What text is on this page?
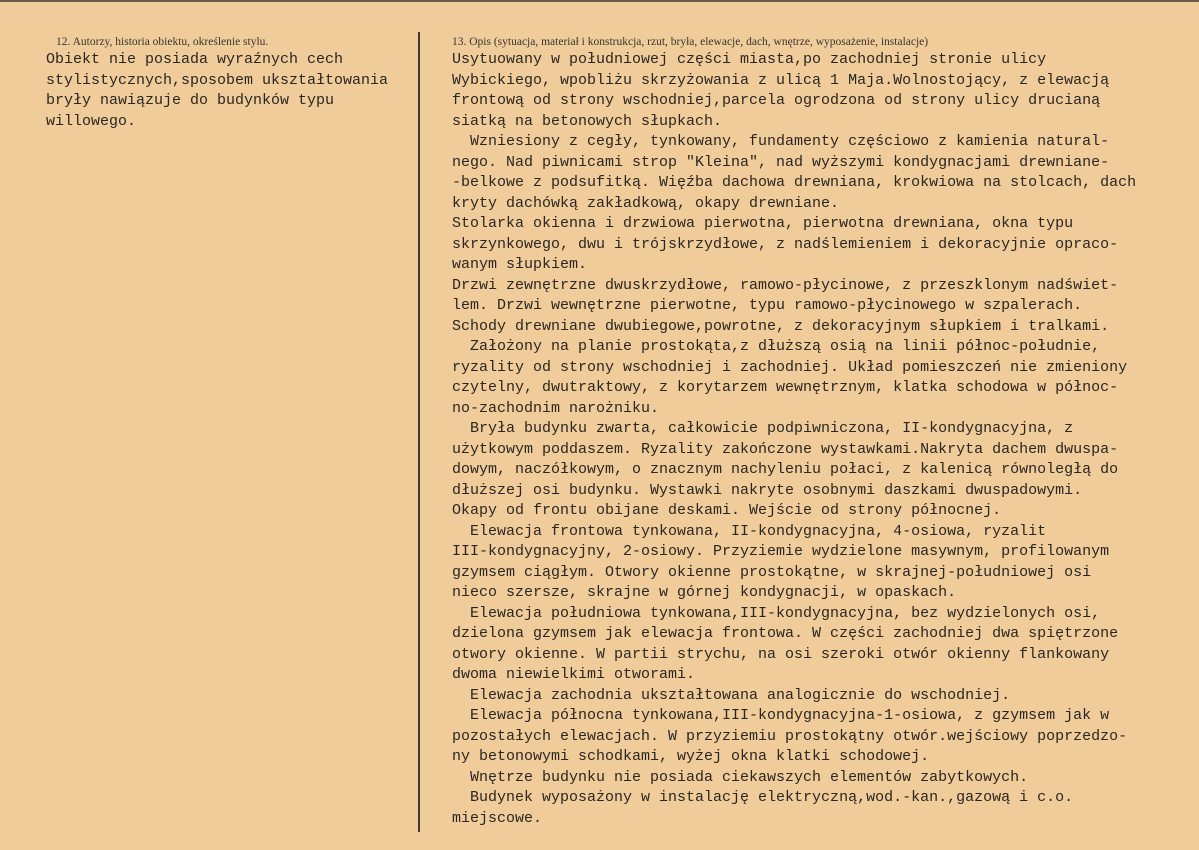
12. Autorzy, historia obiektu, określenie stylu.

Obiekt nie posiada wyraźnych cech

stylistycznych,sposobem ukształtowania

bryły nawiązuje do budynków typu

willowego.

13. Opis (sytuacja, materiał i konstrukcja, rzut, bryła, elewacje, dach, wnętrze, wyposażenie, instalacje)

Usytuowany w południowej części miasta,po zachodniej stronie ulicy

Wybickiego, wpobliżu skrzyżowania z ulicą 1 Maja.Wolnostojący, z elewacją

frontową od strony wschodniej,parcela ogrodzona od strony ulicy drucianą

siatką na betonowych słupkach.

Wzniesiony z cegły, tynkowany, fundamenty częściowo z kamienia natural-

nego. Nad piwnicami strop "Kleina", nad wyższymi kondygnacjami drewniane-

-belkowe z podsufitką. Więźba dachowa drewniana, krokwiowa na stolcach, dach

kryty dachówką zakładkową, okapy drewniane.

Stolarka okienna i drzwiowa pierwotna, pierwotna drewniana, okna typu

skrzynkowego, dwu i trójskrzydłowe, z nadślemieniem i dekoracyjnie opraco-

wanym słupkiem.

Drzwi zewnętrzne dwuskrzydłowe, ramowo-płycinowe, z przeszklonym nadświet-

lem. Drzwi wewnętrzne pierwotne, typu ramowo-płycinowego w szpalerach.

Schody drewniane dwubiegowe,powrotne, z dekoracyjnym słupkiem i tralkami.

Założony na planie prostokąta,z dłuższą osią na linii północ-południe,

ryzality od strony wschodniej i zachodniej. Układ pomieszczeń nie zmieniony

czytelny, dwutraktowy, z korytarzem wewnętrznym, klatka schodowa w północ-

no-zachodnim narożniku.

Bryła budynku zwarta, całkowicie podpiwniczona, II-kondygnacyjna, z

użytkowym poddaszem. Ryzality zakończone wystawkami.Nakryta dachem dwuspa-

dowym, naczółkowym, o znacznym nachyleniu połaci, z kalenicą równoległą do

dłuższej osi budynku. Wystawki nakryte osobnymi daszkami dwuspadowymi.

Okapy od frontu obijane deskami. Wejście od strony północnej.

Elewacja frontowa tynkowana, II-kondygnacyjna, 4-osiowa, ryzalit

III-kondygnacyjny, 2-osiowy. Przyziemie wydzielone masywnym, profilowanym

gzymsem ciągłym. Otwory okienne prostokątne, w skrajnej-południowej osi

nieco szersze, skrajne w górnej kondygnacji, w opaskach.

Elewacja południowa tynkowana,III-kondygnacyjna, bez wydzielonych osi,

dzielona gzymsem jak elewacja frontowa. W części zachodniej dwa spiętrzone

otwory okienne. W partii strychu, na osi szeroki otwór okienny flankowany

dwoma niewielkimi otworami.

Elewacja zachodnia ukształtowana analogicznie do wschodniej.

Elewacja północna tynkowana,III-kondygnacyjna-1-osiowa, z gzymsem jak w

pozostałych elewacjach. W przyziemiu prostokątny otwór.wejściowy poprzedzo-

ny betonowymi schodkami, wyżej okna klatki schodowej.

Wnętrze budynku nie posiada ciekawszych elementów zabytkowych.

Budynek wyposażony w instalację elektryczną,wod.-kan.,gazową i c.o.

miejscowe.
